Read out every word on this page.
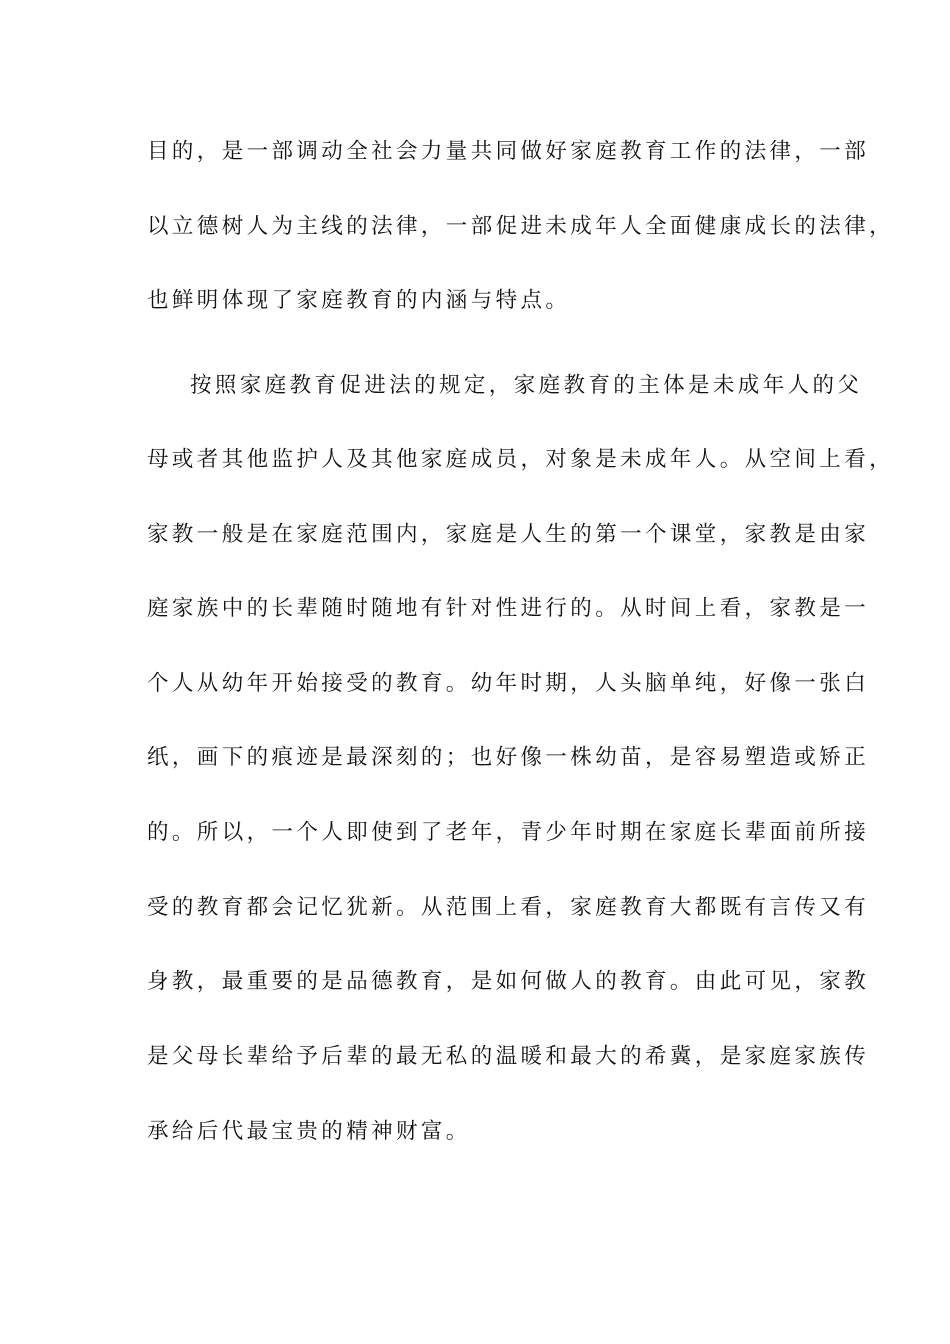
目的，是一部调动全社会力量共同做好家庭教育工作的法律，一部
以立德树人为主线的法律，一部促进未成年人全面健康成长的法律，
也鲜明体现了家庭教育的内涵与特点。
按照家庭教育促进法的规定，家庭教育的主体是未成年人的父
母或者其他监护人及其他家庭成员，对象是未成年人。从空间上看，
家教一般是在家庭范围内，家庭是人生的第一个课堂，家教是由家
庭家族中的长辈随时随地有针对性进行的。从时间上看，家教是一
个人从幼年开始接受的教育。幼年时期，人头脑单纯，好像一张白
纸，画下的痕迹是最深刻的；也好像一株幼苗，是容易塑造或矫正
的。所以，一个人即使到了老年，青少年时期在家庭长辈面前所接
受的教育都会记忆犹新。从范围上看，家庭教育大都既有言传又有
身教，最重要的是品德教育，是如何做人的教育。由此可见，家教
是父母长辈给予后辈的最无私的温暖和最大的希冀，是家庭家族传
承给后代最宝贵的精神财富。
